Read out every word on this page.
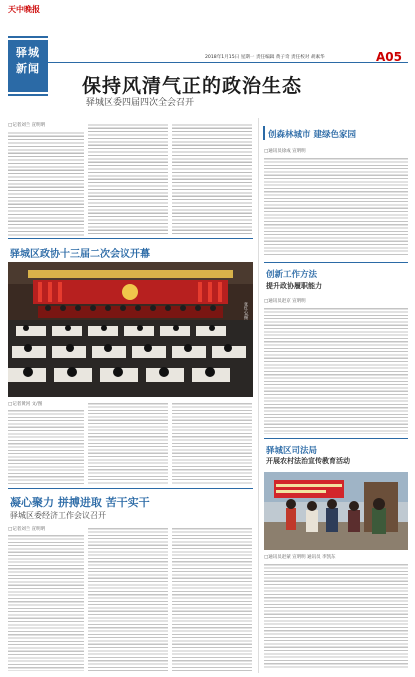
天中晚报
2018年1月15日 星期一 责任编辑 黄子奇 责任校对 胡素华	A05
驿城
新闻
保持风清气正的政治生态
驿城区委四届四次全会召开
□记者刘兰 宣明明
驿城区政协十三届二次会议开幕
张红心/摄
□记者黄河 文/图
凝心聚力 拼搏进取 苦干实干
驿城区委经济工作会议召开
□记者刘兰 宣明明
创森林城市 建绿色家园
□通讯员徐成 宣明明
创新工作方法
提升政协履职能力
□通讯员赵京 宣明明
驿城区司法局
开展农村法治宣传教育活动
□通讯员赵蒙 宣明明 通讯员 李凯东
